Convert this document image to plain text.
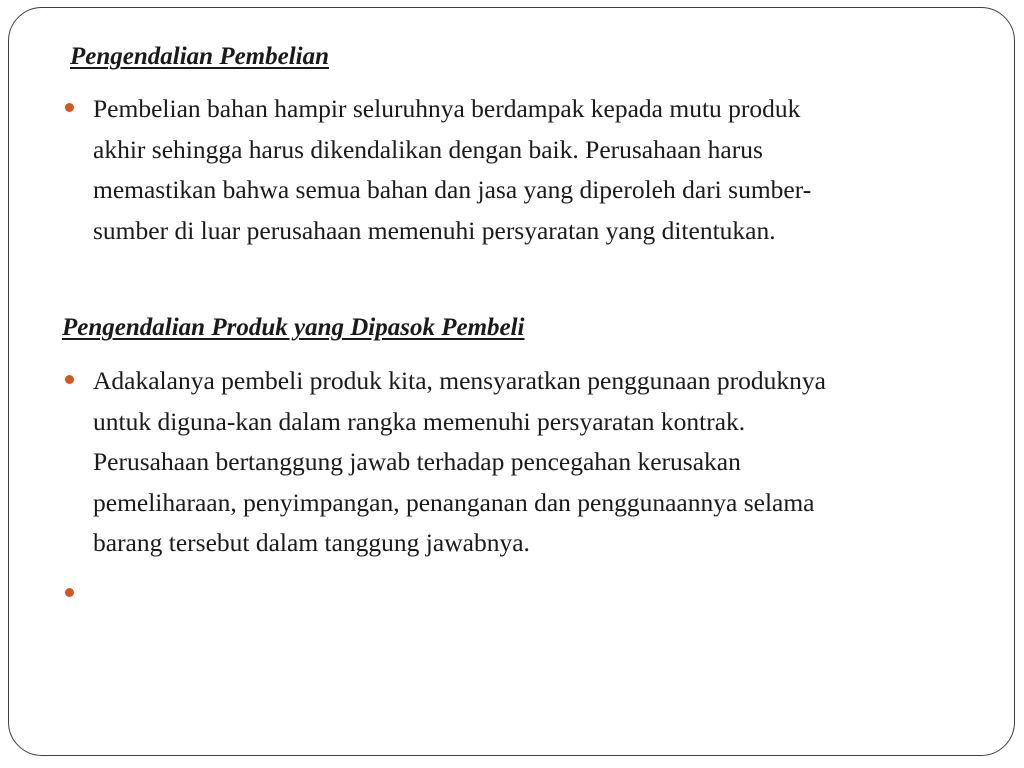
Pengendalian Pembelian

Pembelian bahan hampir seluruhnya berdampak kepada mutu produk
akhir sehingga harus dikendalikan dengan baik. Perusahaan harus
memastikan bahwa semua bahan dan jasa yang diperoleh dari sumber-
sumber di luar perusahaan memenuhi persyaratan yang ditentukan.

Pengendalian Produk yang Dipasok Pembeli

Adakalanya pembeli produk kita, mensyaratkan penggunaan produknya
untuk diguna-kan dalam rangka memenuhi persyaratan kontrak.
Perusahaan bertanggung jawab terhadap pencegahan kerusakan
pemeliharaan, penyimpangan, penanganan dan penggunaannya selama
barang tersebut dalam tanggung jawabnya.
